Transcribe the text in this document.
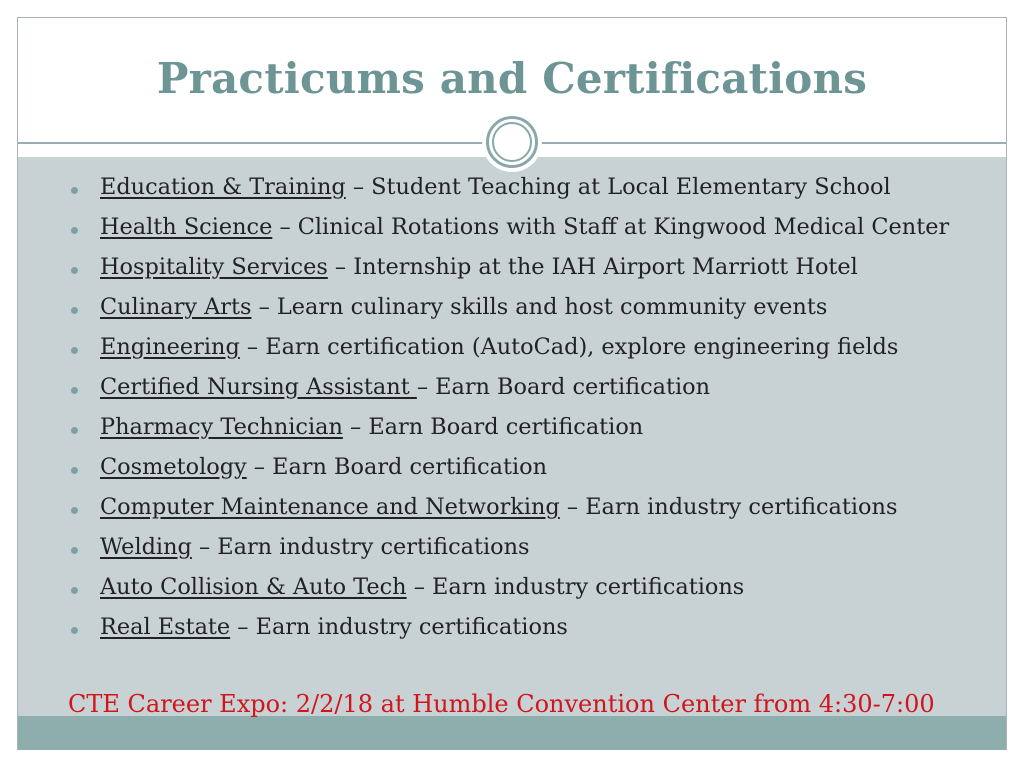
Practicums and Certifications
Education & Training – Student Teaching at Local Elementary School
Health Science – Clinical Rotations with Staff at Kingwood Medical Center
Hospitality Services – Internship at the IAH Airport Marriott Hotel
Culinary Arts – Learn culinary skills and host community events
Engineering – Earn certification (AutoCad), explore engineering fields
Certified Nursing Assistant – Earn Board certification
Pharmacy Technician – Earn Board certification
Cosmetology – Earn Board certification
Computer Maintenance and Networking – Earn industry certifications
Welding – Earn industry certifications
Auto Collision & Auto Tech – Earn industry certifications
Real Estate – Earn industry certifications
CTE Career Expo: 2/2/18 at Humble Convention Center from 4:30-7:00
